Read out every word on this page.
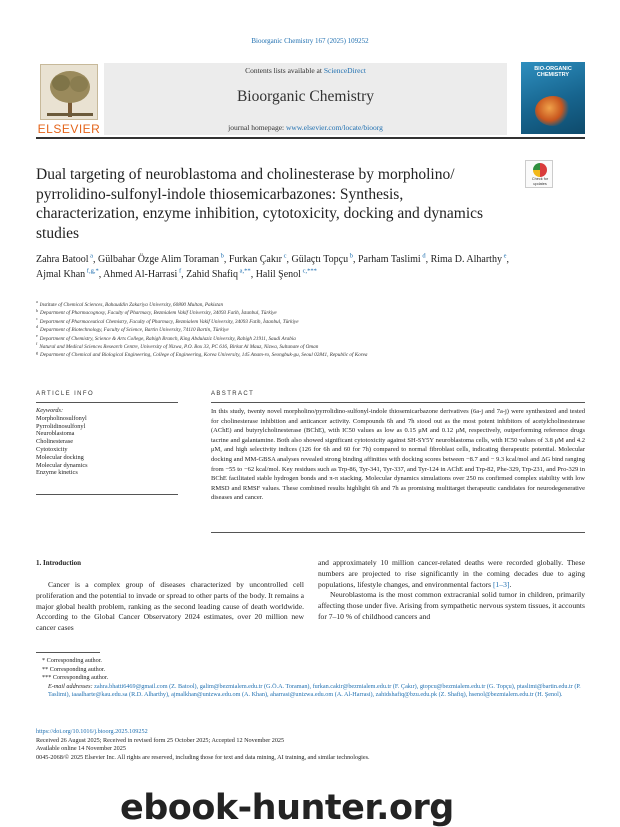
Bioorganic Chemistry 167 (2025) 109252
ELSEVIER
Contents lists available at ScienceDirect
Bioorganic Chemistry
journal homepage: www.elsevier.com/locate/bioorg
BIO-ORGANIC CHEMISTRY
Check for updates
Dual targeting of neuroblastoma and cholinesterase by morpholino/ pyrrolidino-sulfonyl-indole thiosemicarbazones: Synthesis, characterization, enzyme inhibition, cytotoxicity, docking and dynamics studies
Zahra Batool $^a$, Gülbahar Özge Alim Toraman $^b$, Furkan Çakır $^c$, Gülaçtı Topçu $^b$, Parham Taslimi $^d$, Rima D. Alharthy $^e$, Ajmal Khan $^{f,g,*}$, Ahmed Al-Harrasi $^f$, Zahid Shafiq $^{a,**}$, Halil Şenol $^{c,***}$
$^a$Institute of Chemical Sciences, Bahauddin Zakariya University, 60800 Multan, Pakistan
$^b$Department of Pharmacognosy, Faculty of Pharmacy, Bezmialem Vakif University, 34093 Fatih, İstanbul, Türkiye
$^c$Department of Pharmaceutical Chemistry, Faculty of Pharmacy, Bezmialem Vakif University, 34093 Fatih, İstanbul, Türkiye
$^d$Department of Biotechnology, Faculty of Science, Bartin University, 74110 Bartin, Türkiye
$^e$Department of Chemistry, Science & Arts College, Rabigh Branch, King Abdulaziz University, Rabigh 21911, Saudi Arabia
$^f$Natural and Medical Sciences Research Centre, University of Nizwa, P.O. Box 33, PC 616, Birkat Al Mauz, Nizwa, Sultanate of Oman
$^g$Department of Chemical and Biological Engineering, College of Engineering, Korea University, 145 Anam-ro, Seongbuk-gu, Seoul 02841, Republic of Korea
ARTICLE INFO
Keywords:
Morpholinosulfonyl
Pyrrolidinosulfonyl
Neuroblastoma
Cholinesterase
Cytotoxicity
Molecular docking
Molecular dynamics
Enzyme kinetics
ABSTRACT
In this study, twenty novel morpholino/pyrrolidino-sulfonyl-indole thiosemicarbazone derivatives (6a-j and 7a-j) were synthesized and tested for cholinesterase inhibition and anticancer activity. Compounds 6h and 7h stood out as the most potent inhibitors of acetylcholinesterase (AChE) and butyrylcholinesterase (BChE), with IC50 values as low as 0.15 μM and 0.12 μM, respectively, outperforming reference drugs tacrine and galantamine. Both also showed significant cytotoxicity against SH-SY5Y neuroblastoma cells, with IC50 values of 3.8 μM and 4.2 μM, and high selectivity indices (126 for 6h and 60 for 7h) compared to normal fibroblast cells, indicating therapeutic potential. Molecular docking and MM-GBSA analyses revealed strong binding affinities with docking scores between −8.7 and − 9.3 kcal/mol and ΔG bind ranging from −55 to −62 kcal/mol. Key residues such as Trp-86, Tyr-341, Tyr-337, and Tyr-124 in AChE and Trp-82, Phe-329, Trp-231, and Pro-329 in BChE facilitated stable hydrogen bonds and π-π stacking. Molecular dynamics simulations over 250 ns confirmed complex stability with low RMSD and RMSF values. These combined results highlight 6h and 7h as promising multitarget therapeutic candidates for neurodegenerative diseases and cancer.
1. Introduction
Cancer is a complex group of diseases characterized by uncontrolled cell proliferation and the potential to invade or spread to other parts of the body. It remains a major global health problem, ranking as the second leading cause of death worldwide. According to the Global Cancer Observatory 2024 estimates, over 20 million new cancer cases
and approximately 10 million cancer-related deaths were recorded globally. These numbers are projected to rise significantly in the coming decades due to aging populations, lifestyle changes, and environmental factors [1–3].
Neuroblastoma is the most common extracranial solid tumor in children, primarily affecting those under five. Arising from sympathetic nervous system tissues, it accounts for 7–10 % of childhood cancers and
* Corresponding author.
** Corresponding author.
*** Corresponding author.
E-mail addresses: zahra.bhatti6469@gmail.com (Z. Batool), galim@bezmialem.edu.tr (G.Ö.A. Toraman), furkan.cakir@bezmialem.edu.tr (F. Çakır), gtopcu@bezmialem.edu.tr (G. Topçu), ptaslimi@bartin.edu.tr (P. Taslimi), iaaalharte@kau.edu.sa (R.D. Alharthy), ajmalkhan@unizwa.edu.om (A. Khan), aharrasi@unizwa.edu.om (A. Al-Harrasi), zahidshafiq@bzu.edu.pk (Z. Shafiq), hsenol@bezmialem.edu.tr (H. Şenol).
https://doi.org/10.1016/j.bioorg.2025.109252
Received 26 August 2025; Received in revised form 25 October 2025; Accepted 12 November 2025
Available online 14 November 2025
0045-2068/© 2025 Elsevier Inc. All rights are reserved, including those for text and data mining, AI training, and similar technologies.
ebook-hunter.org
